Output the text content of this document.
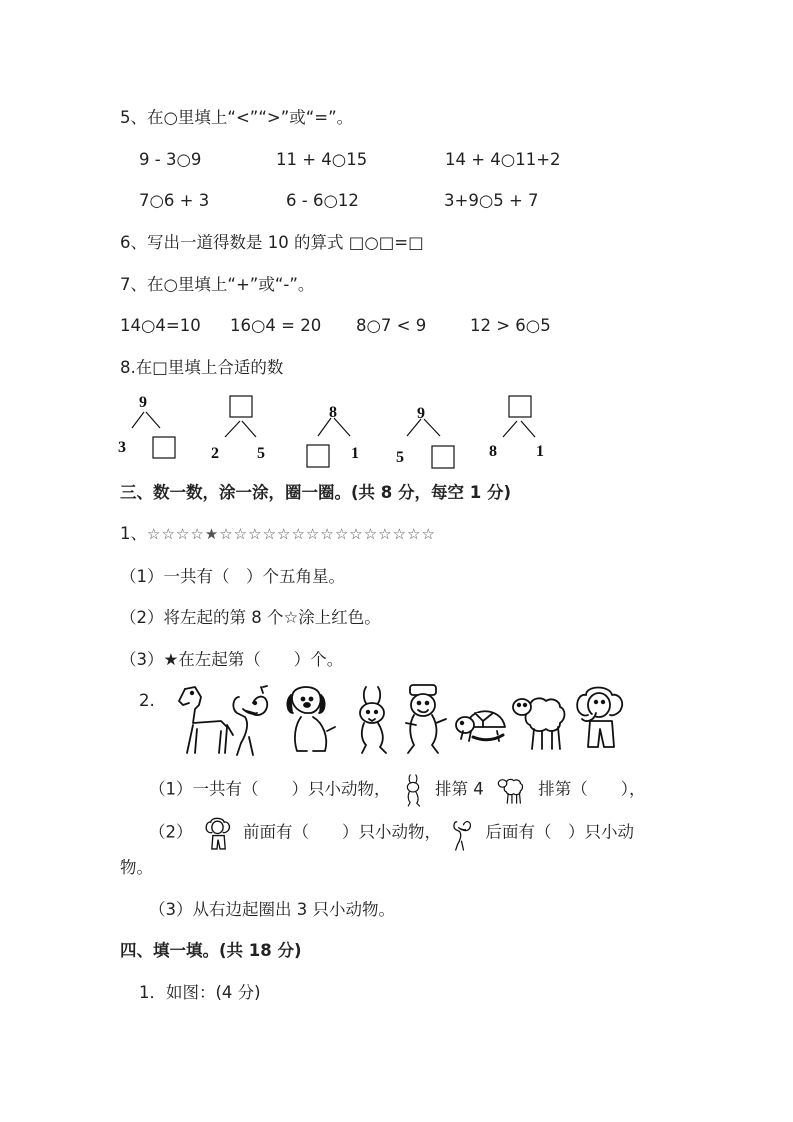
5、在○里填上“<”“>”或“=”。
9 - 3○9	11 + 4○15	14 + 4○11+2
7○6 + 3	6 - 6○12	3+9○5 + 7
6、写出一道得数是 10 的算式 □○□=□
7、在○里填上“+”或“-”。
14○4=10 16○4 = 20 8○7 < 9	12 > 6○5
8.在□里填上合适的数
9
3	2 5
8
1
9
5	8 1
三、数一数，涂一涂，圈一圈。(共 8 分，每空 1 分)
1、☆☆☆☆★☆☆☆☆☆☆☆☆☆☆☆☆☆☆☆
（1）一共有（　）个五角星。
（2）将左起的第 8 个☆涂上红色。
（3）★在左起第（　　）个。
2.
（1）一共有（　　）只小动物，	排第 4	排第（　　），
（2）	前面有（　　）只小动物，	后面有（　）只小动
物。
（3）从右边起圈出 3 只小动物。
四、填一填。(共 18 分)
1．如图：(4 分)
